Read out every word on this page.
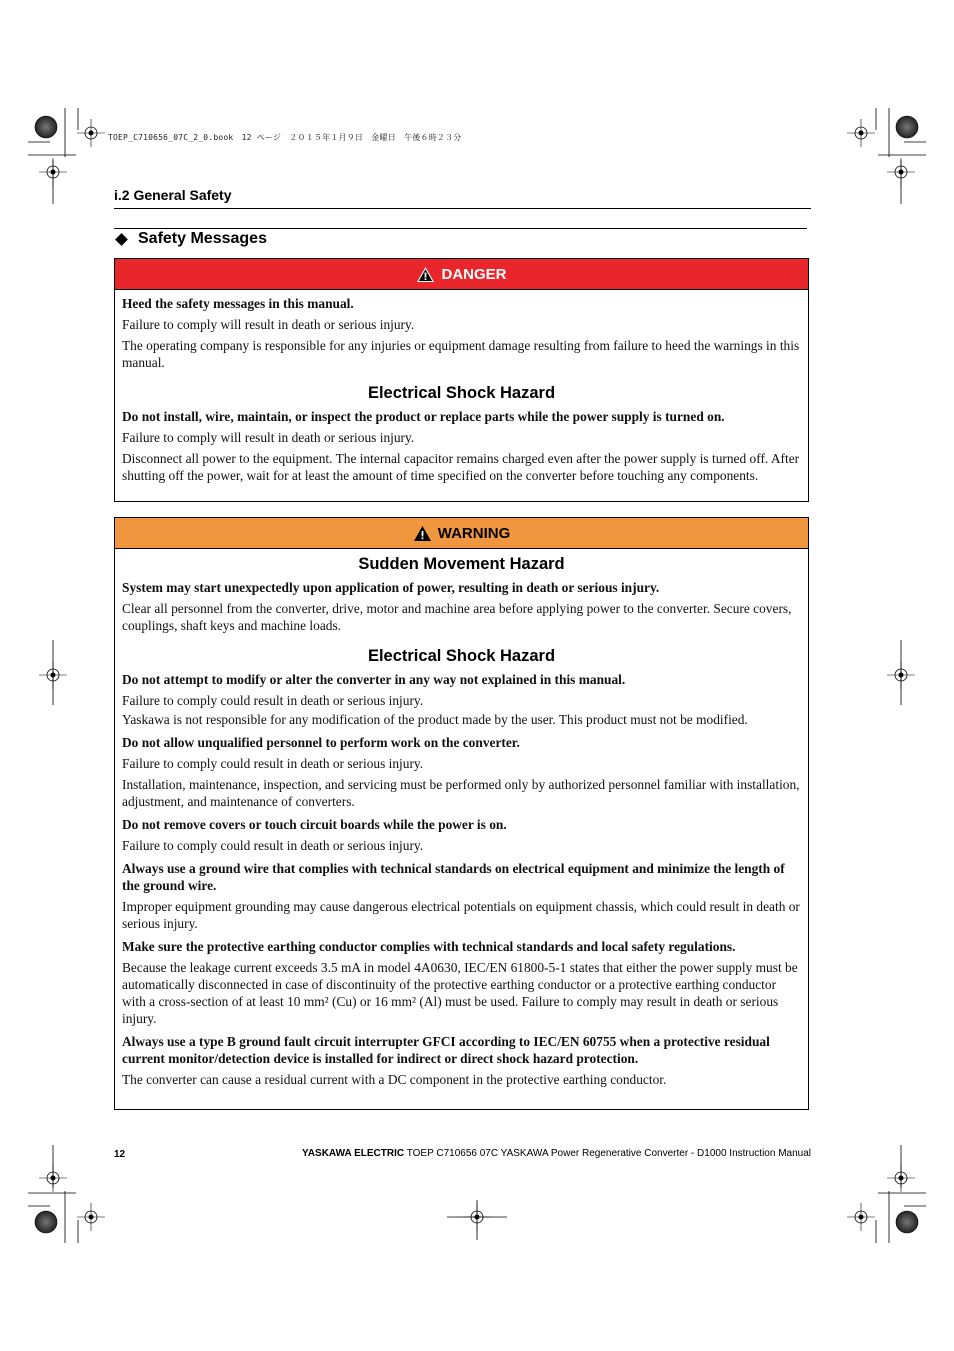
TOEP_C710656_07C_2_0.book　12 ページ　２０１５年１月９日　金曜日　午後６時２３分
i.2 General Safety
Safety Messages
DANGER

Heed the safety messages in this manual.

Failure to comply will result in death or serious injury.

The operating company is responsible for any injuries or equipment damage resulting from failure to heed the warnings in this manual.

Electrical Shock Hazard

Do not install, wire, maintain, or inspect the product or replace parts while the power supply is turned on.

Failure to comply will result in death or serious injury.

Disconnect all power to the equipment. The internal capacitor remains charged even after the power supply is turned off. After shutting off the power, wait for at least the amount of time specified on the converter before touching any components.

WARNING
Sudden Movement Hazard

System may start unexpectedly upon application of power, resulting in death or serious injury.

Clear all personnel from the converter, drive, motor and machine area before applying power to the converter. Secure covers, couplings, shaft keys and machine loads.

Electrical Shock Hazard

Do not attempt to modify or alter the converter in any way not explained in this manual.

Failure to comply could result in death or serious injury.

Yaskawa is not responsible for any modification of the product made by the user. This product must not be modified.

Do not allow unqualified personnel to perform work on the converter.

Failure to comply could result in death or serious injury.

Installation, maintenance, inspection, and servicing must be performed only by authorized personnel familiar with installation, adjustment, and maintenance of converters.

Do not remove covers or touch circuit boards while the power is on.

Failure to comply could result in death or serious injury.

Always use a ground wire that complies with technical standards on electrical equipment and minimize the length of the ground wire.

Improper equipment grounding may cause dangerous electrical potentials on equipment chassis, which could result in death or serious injury.

Make sure the protective earthing conductor complies with technical standards and local safety regulations.

Because the leakage current exceeds 3.5 mA in model 4A0630, IEC/EN 61800-5-1 states that either the power supply must be automatically disconnected in case of discontinuity of the protective earthing conductor or a protective earthing conductor with a cross-section of at least 10 mm² (Cu) or 16 mm² (Al) must be used. Failure to comply may result in death or serious injury.

Always use a type B ground fault circuit interrupter GFCI according to IEC/EN 60755 when a protective residual current monitor/detection device is installed for indirect or direct shock hazard protection.

The converter can cause a residual current with a DC component in the protective earthing conductor.

12	YASKAWA ELECTRIC TOEP C710656 07C YASKAWA Power Regenerative Converter - D1000 Instruction Manual
